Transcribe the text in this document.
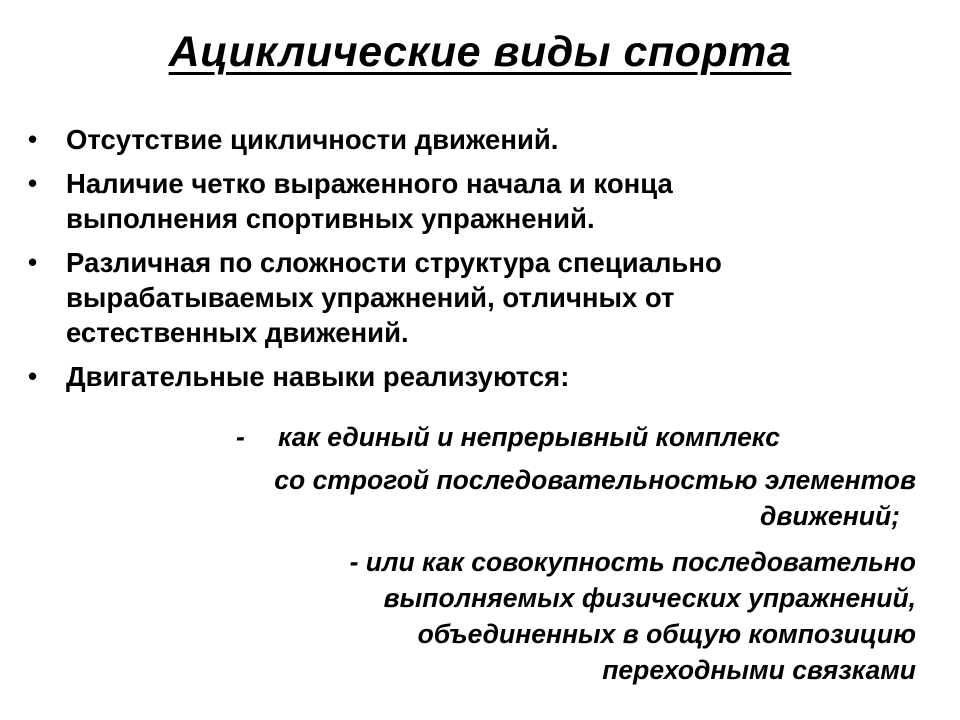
Ациклические виды спорта
• Отсутствие цикличности движений.
• Наличие четко выраженного начала и конца
выполнения спортивных упражнений.
• Различная по сложности структура специально
вырабатываемых упражнений, отличных от
естественных движений.
• Двигательные навыки реализуются:
- как единый и непрерывный комплекс
со строгой последовательностью элементов
движений;
- или как совокупность последовательно
выполняемых физических упражнений,
объединенных в общую композицию
переходными связками
